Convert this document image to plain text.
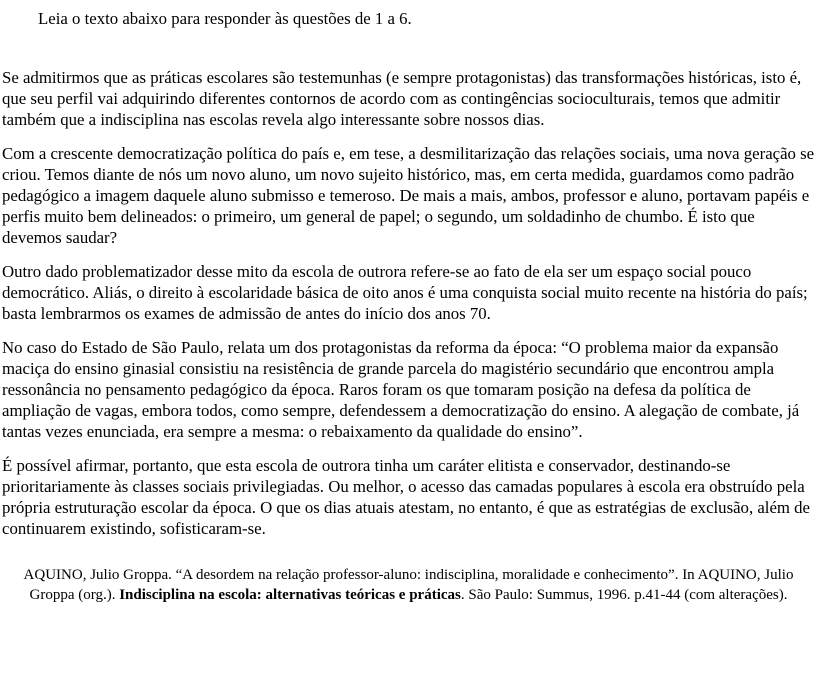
Leia o texto abaixo para responder às questões de 1 a 6.

Se admitirmos que as práticas escolares são testemunhas (e sempre protagonistas) das transformações históricas, isto é, que seu perfil vai adquirindo diferentes contornos de acordo com as contingências socioculturais, temos que admitir também que a indisciplina nas escolas revela algo interessante sobre nossos dias.

Com a crescente democratização política do país e, em tese, a desmilitarização das relações sociais, uma nova geração se criou. Temos diante de nós um novo aluno, um novo sujeito histórico, mas, em certa medida, guardamos como padrão pedagógico a imagem daquele aluno submisso e temeroso. De mais a mais, ambos, professor e aluno, portavam papéis e perfis muito bem delineados: o primeiro, um general de papel; o segundo, um soldadinho de chumbo. É isto que devemos saudar?

Outro dado problematizador desse mito da escola de outrora refere-se ao fato de ela ser um espaço social pouco democrático. Aliás, o direito à escolaridade básica de oito anos é uma conquista social muito recente na história do país; basta lembrarmos os exames de admissão de antes do início dos anos 70.

No caso do Estado de São Paulo, relata um dos protagonistas da reforma da época: “O problema maior da expansão maciça do ensino ginasial consistiu na resistência de grande parcela do magistério secundário que encontrou ampla ressonância no pensamento pedagógico da época. Raros foram os que tomaram posição na defesa da política de ampliação de vagas, embora todos, como sempre, defendessem a democratização do ensino. A alegação de combate, já tantas vezes enunciada, era sempre a mesma: o rebaixamento da qualidade do ensino”.

É possível afirmar, portanto, que esta escola de outrora tinha um caráter elitista e conservador, destinando-se prioritariamente às classes sociais privilegiadas. Ou melhor, o acesso das camadas populares à escola era obstruído pela própria estruturação escolar da época. O que os dias atuais atestam, no entanto, é que as estratégias de exclusão, além de continuarem existindo, sofisticaram-se.

AQUINO, Julio Groppa. “A desordem na relação professor-aluno: indisciplina, moralidade e conhecimento”. In AQUINO, Julio Groppa (org.). Indisciplina na escola: alternativas teóricas e práticas. São Paulo: Summus, 1996. p.41-44 (com alterações).
